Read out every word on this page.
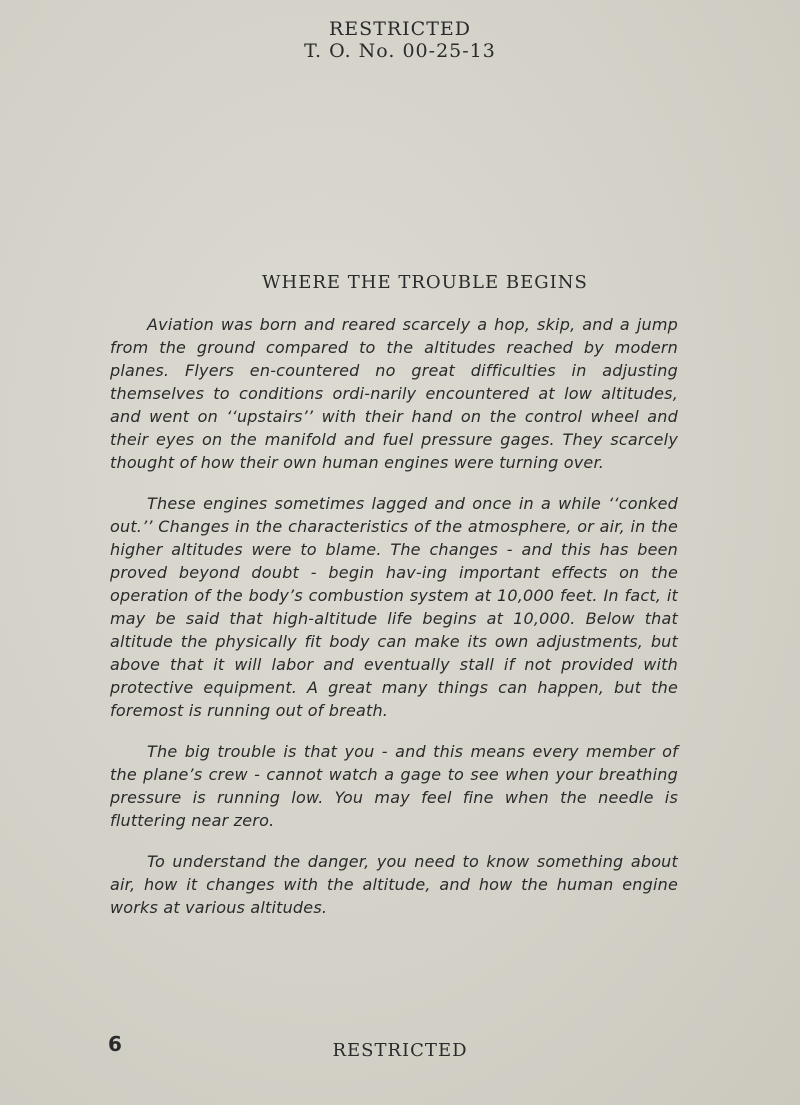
RESTRICTED
T. O. No. 00-25-13
WHERE THE TROUBLE BEGINS

Aviation was born and reared scarcely a hop, skip, and a jump from the ground compared to the altitudes reached by modern planes. Flyers en-countered no great difficulties in adjusting themselves to conditions ordi-narily encountered at low altitudes, and went on ‘‘upstairs’’ with their hand on the control wheel and their eyes on the manifold and fuel pressure gages. They scarcely thought of how their own human engines were turning over.

These engines sometimes lagged and once in a while ‘‘conked out.’’ Changes in the characteristics of the atmosphere, or air, in the higher altitudes were to blame. The changes - and this has been proved beyond doubt - begin hav-ing important effects on the operation of the body’s combustion system at 10,000 feet. In fact, it may be said that high-altitude life begins at 10,000. Below that altitude the physically fit body can make its own adjustments, but above that it will labor and eventually stall if not provided with protective equipment. A great many things can happen, but the foremost is running out of breath.

The big trouble is that you - and this means every member of the plane’s crew - cannot watch a gage to see when your breathing pressure is running low. You may feel fine when the needle is fluttering near zero.

To understand the danger, you need to know something about air, how it changes with the altitude, and how the human engine works at various altitudes.

6	RESTRICTED
